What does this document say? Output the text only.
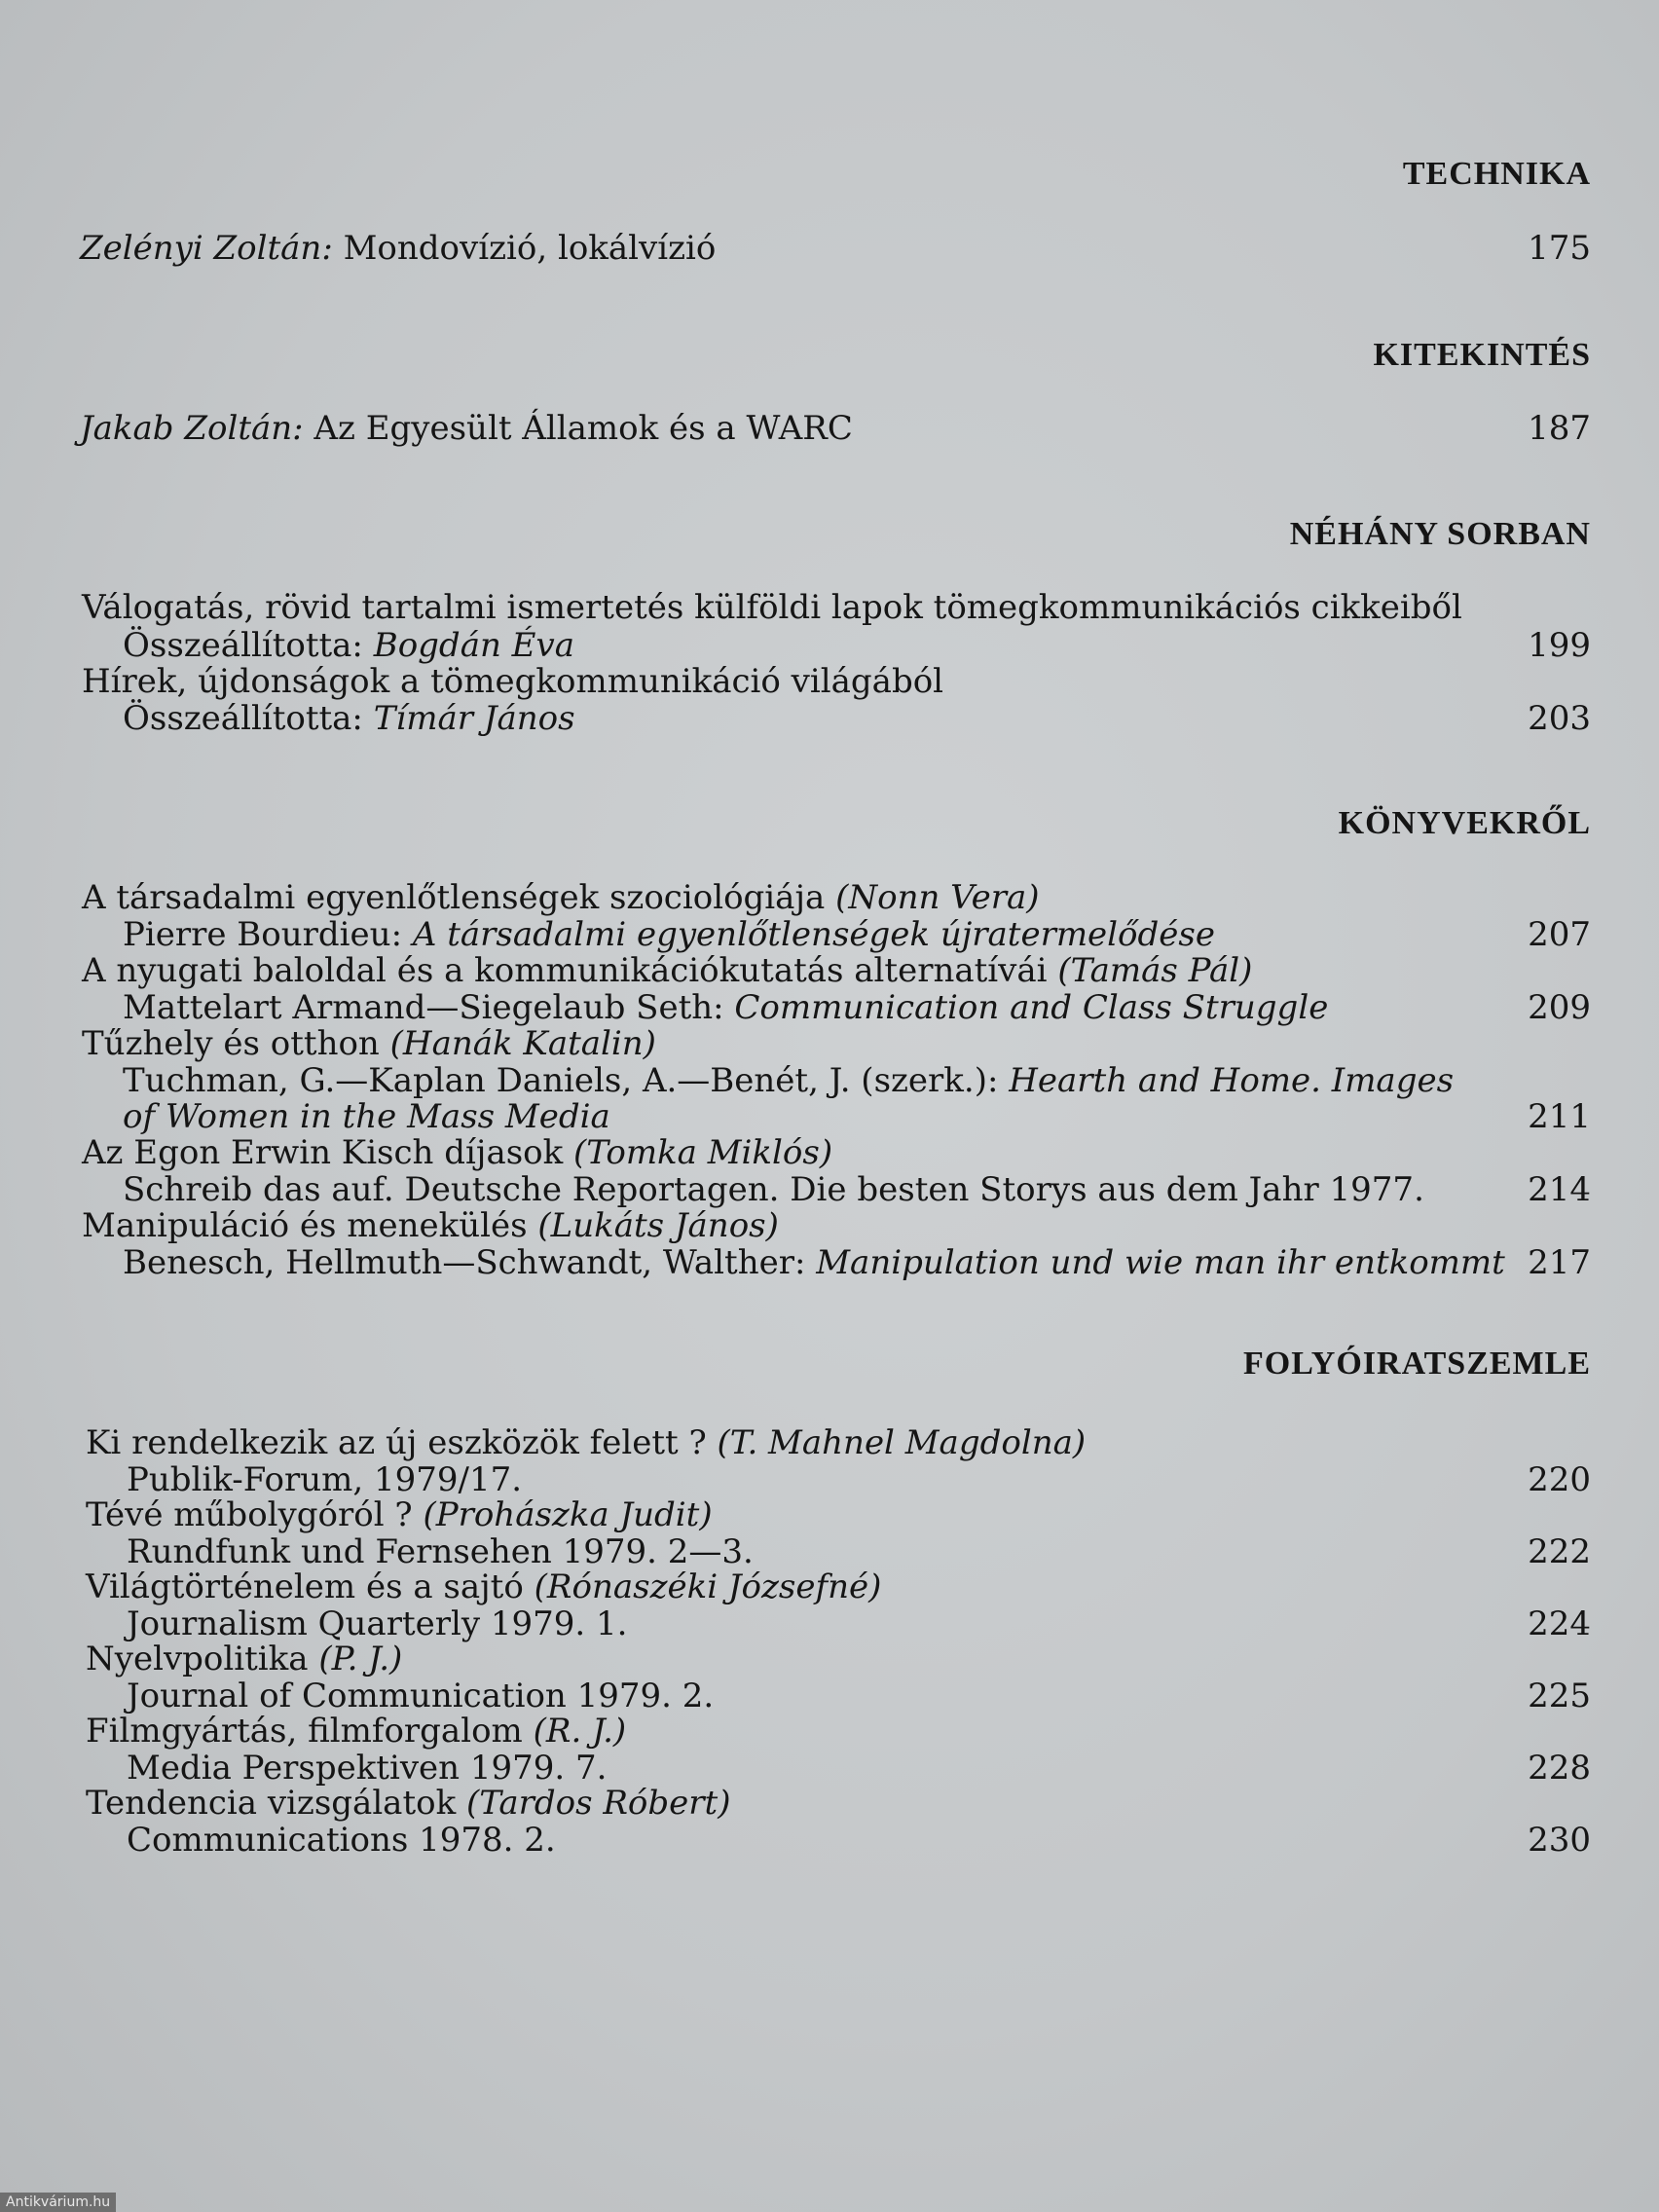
TECHNIKA
Zelényi Zoltán: Mondovízió, lokálvízió	175
KITEKINTÉS
Jakab Zoltán: Az Egyesült Államok és a WARC	187
NÉHÁNY SORBAN
Válogatás, rövid tartalmi ismertetés külföldi lapok tömegkommunikációs cikkeiből
Összeállította: Bogdán Éva	199
Hírek, újdonságok a tömegkommunikáció világából
Összeállította: Tímár János	203
KÖNYVEKRŐL
A társadalmi egyenlőtlenségek szociológiája (Nonn Vera)
Pierre Bourdieu: A társadalmi egyenlőtlenségek újratermelődése	207
A nyugati baloldal és a kommunikációkutatás alternatívái (Tamás Pál)
Mattelart Armand—Siegelaub Seth: Communication and Class Struggle	209
Tűzhely és otthon (Hanák Katalin)
Tuchman, G.—Kaplan Daniels, A.—Benét, J. (szerk.): Hearth and Home. Images
of Women in the Mass Media	211
Az Egon Erwin Kisch díjasok (Tomka Miklós)
Schreib das auf. Deutsche Reportagen. Die besten Storys aus dem Jahr 1977.	214
Manipuláció és menekülés (Lukáts János)
Benesch, Hellmuth—Schwandt, Walther: Manipulation und wie man ihr entkommt 217
FOLYÓIRATSZEMLE
Ki rendelkezik az új eszközök felett ? (T. Mahnel Magdolna)
Publik-Forum, 1979/17.	220
Tévé műbolygóról ? (Prohászka Judit)
Rundfunk und Fernsehen 1979. 2—3.	222
Világtörténelem és a sajtó (Rónaszéki Józsefné)
Journalism Quarterly 1979. 1.	224
Nyelvpolitika (P. J.)
Journal of Communication 1979. 2.	225
Filmgyártás, filmforgalom (R. J.)
Media Perspektiven 1979. 7.	228
Tendencia vizsgálatok (Tardos Róbert)
Communications 1978. 2.	230
Antikvárium.hu
